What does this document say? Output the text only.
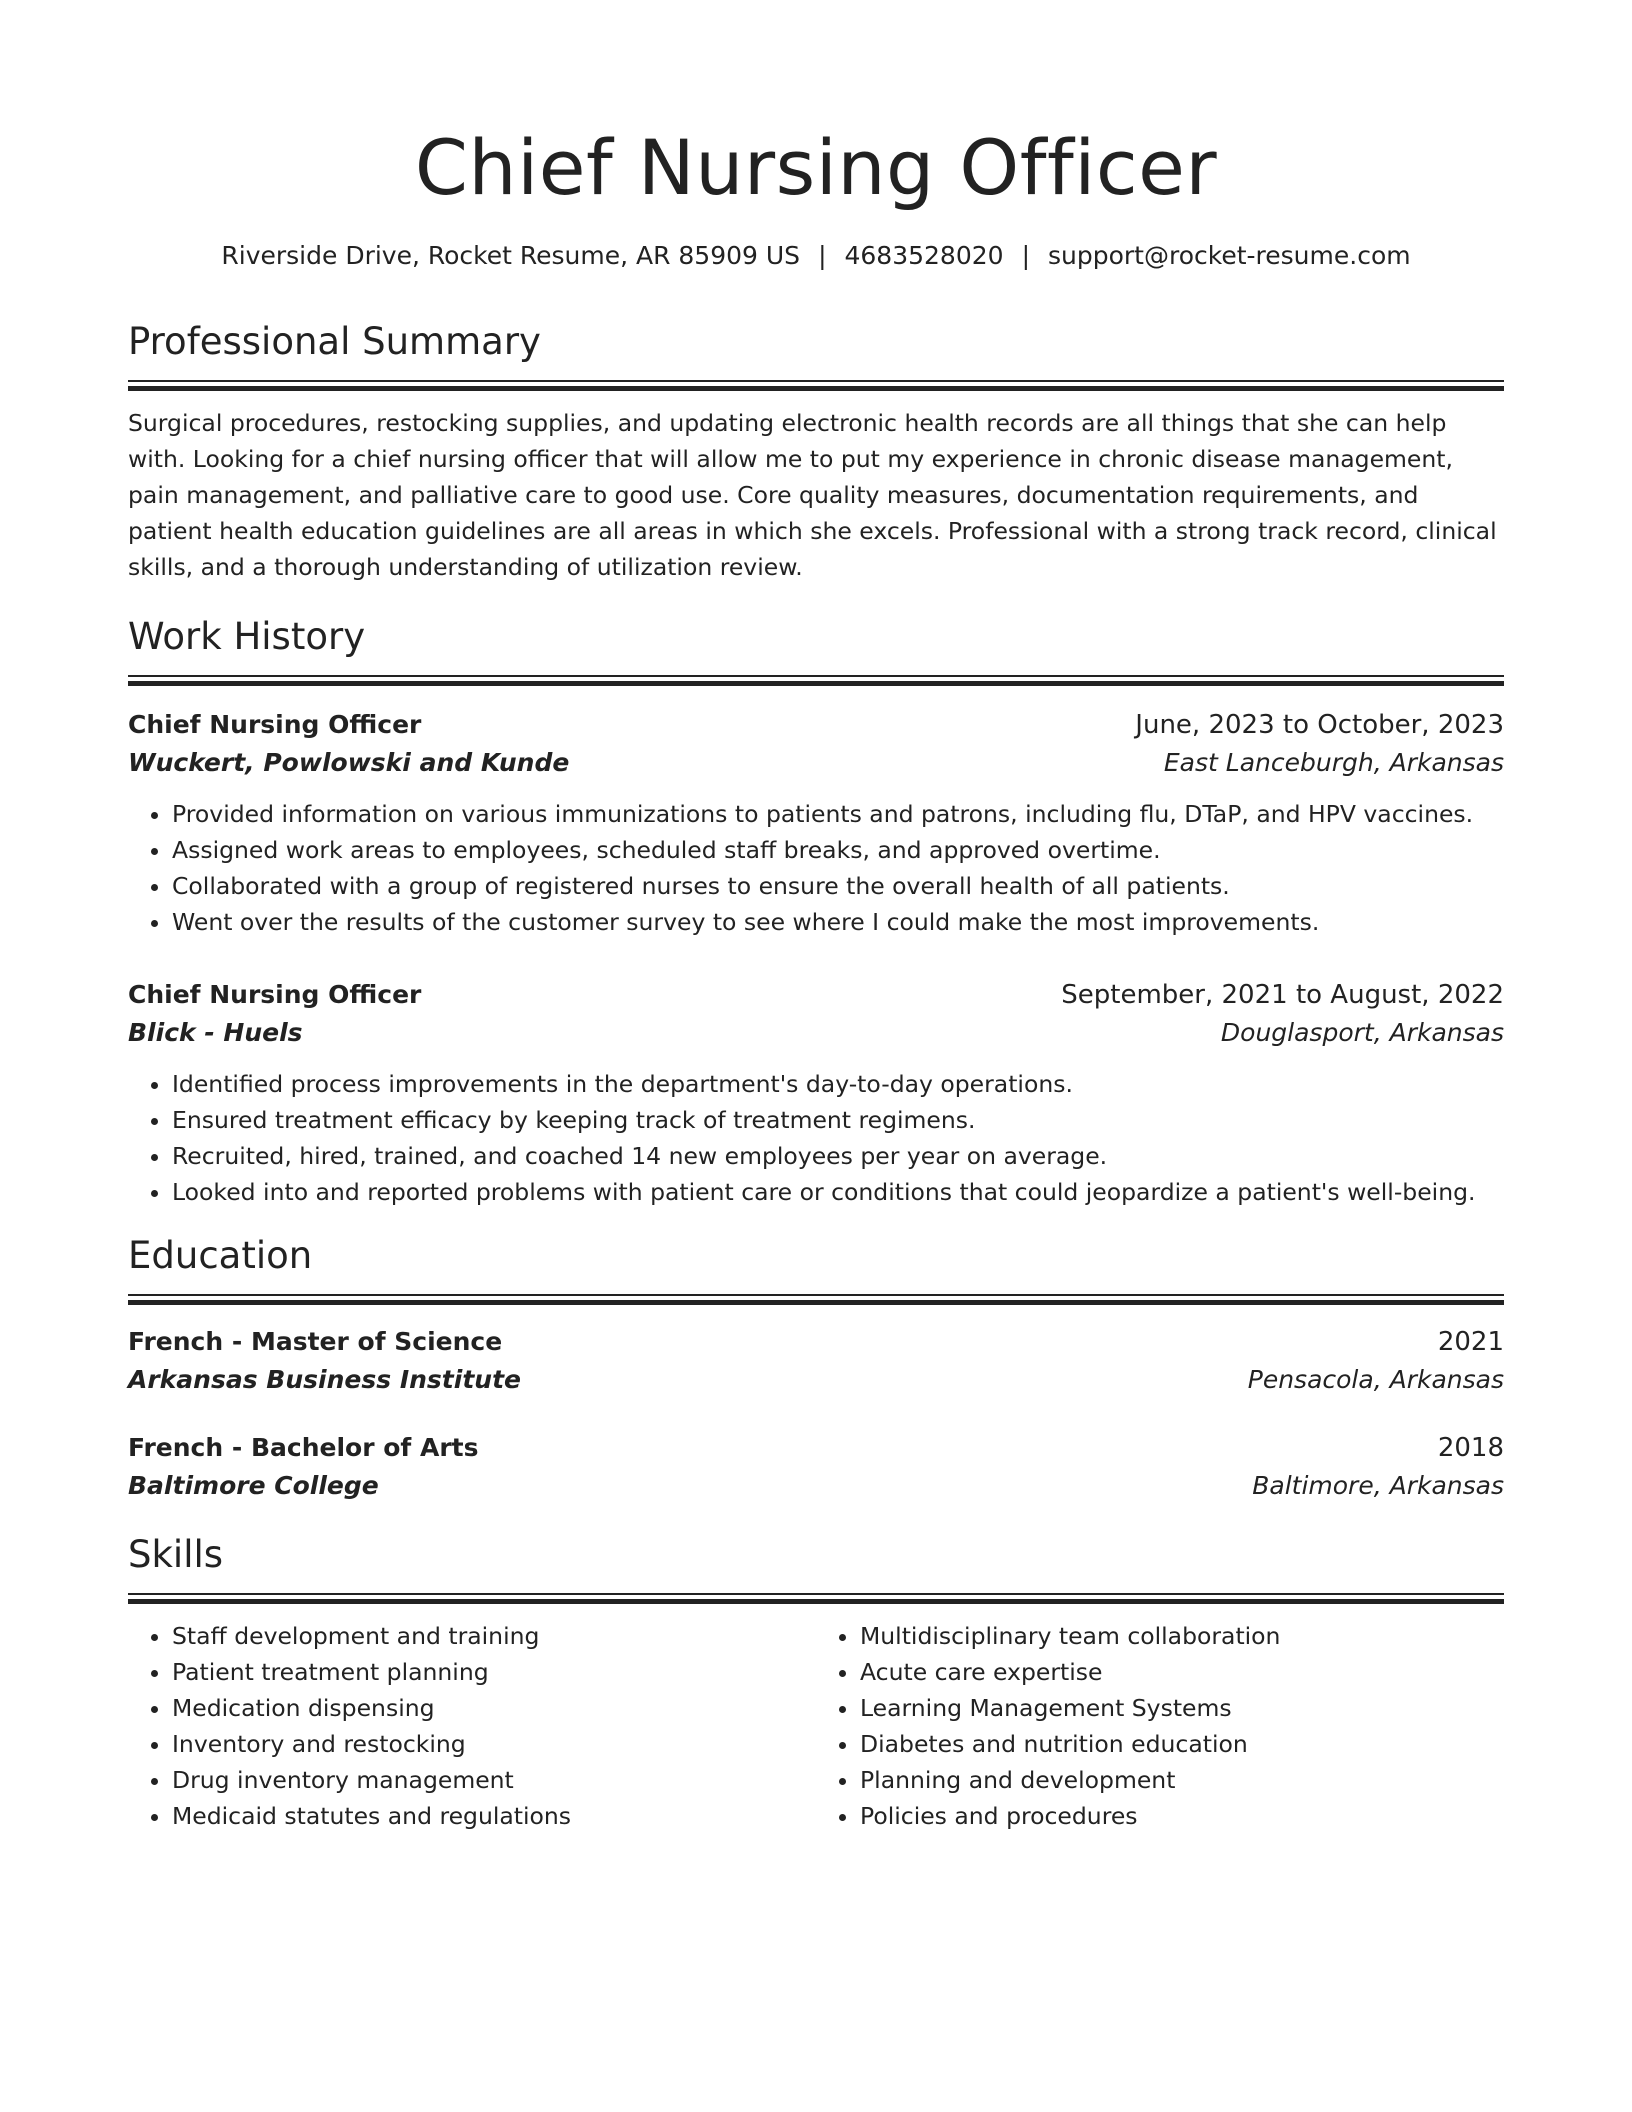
Chief Nursing Officer
Riverside Drive, Rocket Resume, AR 85909 US | 4683528020 | support@rocket-resume.com
Professional Summary

Surgical procedures, restocking supplies, and updating electronic health records are all things that she can help with. Looking for a chief nursing officer that will allow me to put my experience in chronic disease management, pain management, and palliative care to good use. Core quality measures, documentation requirements, and patient health education guidelines are all areas in which she excels. Professional with a strong track record, clinical skills, and a thorough understanding of utilization review.

Work History
Chief Nursing Officer	June, 2023 to October, 2023
Wuckert, Powlowski and Kunde	East Lanceburgh, Arkansas
• Provided information on various immunizations to patients and patrons, including flu, DTaP, and HPV vaccines.
• Assigned work areas to employees, scheduled staff breaks, and approved overtime.
• Collaborated with a group of registered nurses to ensure the overall health of all patients.
• Went over the results of the customer survey to see where I could make the most improvements.
Chief Nursing Officer	September, 2021 to August, 2022
Blick - Huels	Douglasport, Arkansas
• Identified process improvements in the department's day-to-day operations.
• Ensured treatment efficacy by keeping track of treatment regimens.
• Recruited, hired, trained, and coached 14 new employees per year on average.
• Looked into and reported problems with patient care or conditions that could jeopardize a patient's well-being.
Education
French - Master of Science	2021
Arkansas Business Institute	Pensacola, Arkansas
French - Bachelor of Arts	2018
Baltimore College	Baltimore, Arkansas
Skills
• Staff development and training
• Patient treatment planning
• Medication dispensing
• Inventory and restocking
• Drug inventory management
• Medicaid statutes and regulations
• Multidisciplinary team collaboration
• Acute care expertise
• Learning Management Systems
• Diabetes and nutrition education
• Planning and development
• Policies and procedures
